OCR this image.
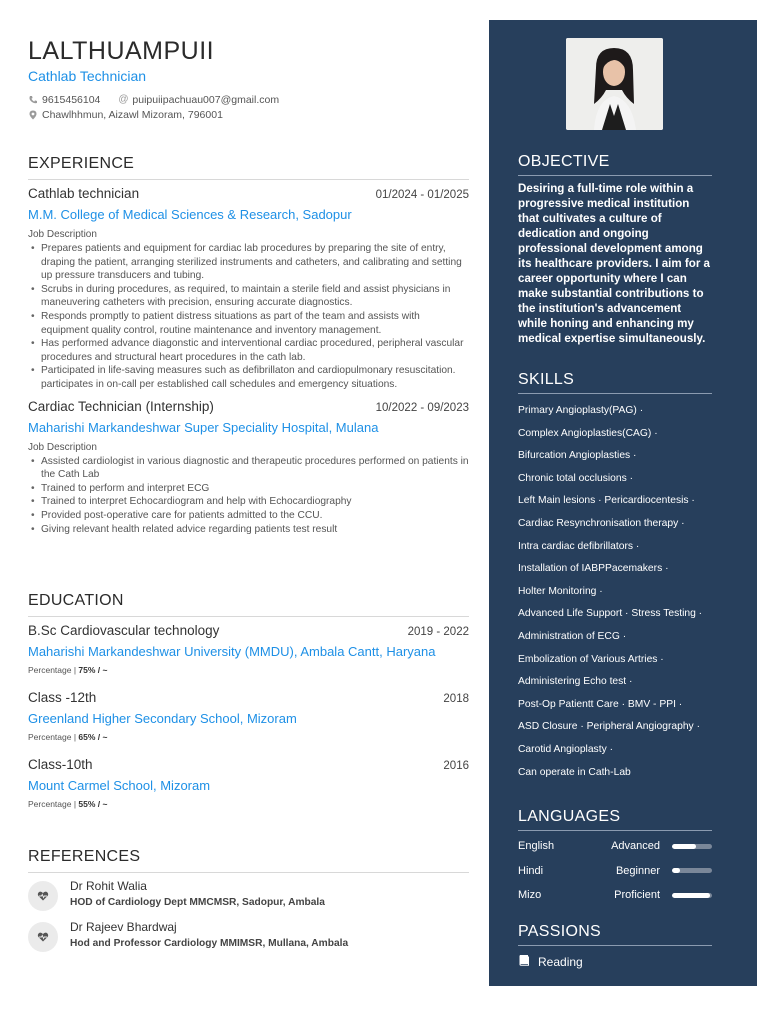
LALTHUAMPUII
Cathlab Technician
9615456104 @ puipuiipachuau007@gmail.com
Chawlhhmun, Aizawl Mizoram, 796001
EXPERIENCE
Cathlab technician	01/2024 - 01/2025
M.M. College of Medical Sciences & Research, Sadopur
Job Description
• Prepares patients and equipment for cardiac lab procedures by preparing the site of entry, draping the patient, arranging sterilized instruments and catheters, and calibrating and setting up pressure transducers and tubing.
• Scrubs in during procedures, as required, to maintain a sterile field and assist physicians in maneuvering catheters with precision, ensuring accurate diagnostics.
• Responds promptly to patient distress situations as part of the team and assists with equipment quality control, routine maintenance and inventory management.
• Has performed advance diagonstic and interventional cardiac procedured, peripheral vascular procedures and structural heart procedures in the cath lab.
• Participated in life-saving measures such as defibrillaton and cardiopulmonary resuscitation. participates in on-call per established call schedules and emergency situations.
Cardiac Technician (Internship)	10/2022 - 09/2023
Maharishi Markandeshwar Super Speciality Hospital, Mulana
Job Description
• Assisted cardiologist in various diagnostic and therapeutic procedures performed on patients in the Cath Lab
• Trained to perform and interpret ECG
• Trained to interpret Echocardiogram and help with Echocardiography
• Provided post-operative care for patients admitted to the CCU.
• Giving relevant health related advice regarding patients test result
EDUCATION
B.Sc Cardiovascular technology	2019 - 2022
Maharishi Markandeshwar University (MMDU), Ambala Cantt, Haryana
Percentage | 75% / ~
Class -12th	2018
Greenland Higher Secondary School, Mizoram
Percentage | 65% / ~
Class-10th	2016
Mount Carmel School, Mizoram
Percentage | 55% / ~
REFERENCES
Dr Rohit Walia
HOD of Cardiology Dept MMCMSR, Sadopur, Ambala
Dr Rajeev Bhardwaj
Hod and Professor Cardiology MMIMSR, Mullana, Ambala
OBJECTIVE
Desiring a full-time role within a progressive medical institution that cultivates a culture of dedication and ongoing professional development among its healthcare providers. I aim for a career opportunity where I can make substantial contributions to the institution's advancement while honing and enhancing my medical expertise simultaneously.
SKILLS
Primary Angioplasty(PAG) ·
Complex Angioplasties(CAG) ·
Bifurcation Angioplasties ·
Chronic total occlusions ·
Left Main lesions · Pericardiocentesis ·
Cardiac Resynchronisation therapy ·
Intra cardiac defibrillators ·
Installation of IABPPacemakers ·
Holter Monitoring ·
Advanced Life Support · Stress Testing ·
Administration of ECG ·
Embolization of Various Artries ·
Administering Echo test ·
Post-Op Patientt Care · BMV - PPI ·
ASD Closure · Peripheral Angiography ·
Carotid Angioplasty ·
Can operate in Cath-Lab
LANGUAGES
English	Advanced
Hindi	Beginner
Mizo	Proficient
PASSIONS
Reading
